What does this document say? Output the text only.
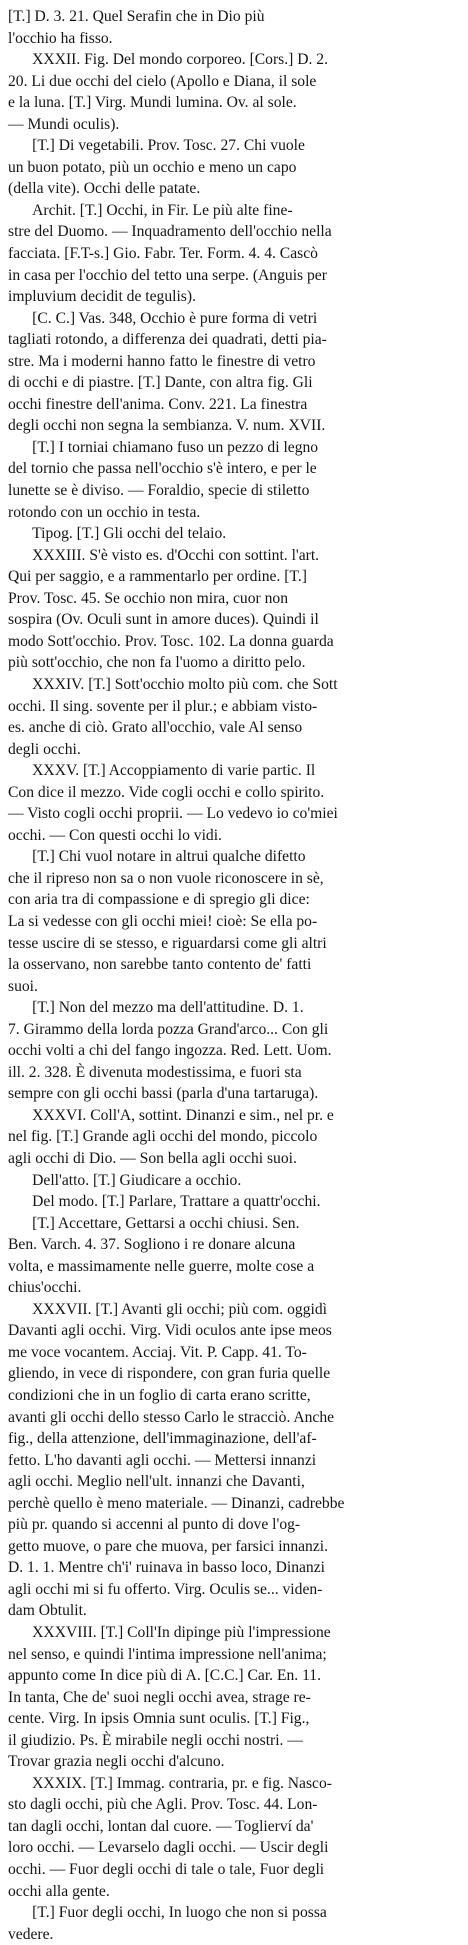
[T.] D. 3. 21. Quel Serafin che in Dio più
l'occhio ha fisso.

XXXII. Fig. Del mondo corporeo. [Cors.] D. 2.
20. Li due occhi del cielo (Apollo e Diana, il sole
e la luna. [T.] Virg. Mundi lumina. Ov. al sole.
— Mundi oculis).

[T.] Di vegetabili. Prov. Tosc. 27. Chi vuole
un buon potato, più un occhio e meno un capo
(della vite). Occhi delle patate.

Archit. [T.] Occhi, in Fir. Le più alte fine-
stre del Duomo. — Inquadramento dell'occhio nella
facciata. [F.T-s.] Gio. Fabr. Ter. Form. 4. 4. Cascò
in casa per l'occhio del tetto una serpe. (Anguis per
impluvium decidit de tegulis).

[C. C.] Vas. 348, Occhio è pure forma di vetri
tagliati rotondo, a differenza dei quadrati, detti pia-
stre. Ma i moderni hanno fatto le finestre di vetro
di occhi e di piastre. [T.] Dante, con altra fig. Gli
occhi finestre dell'anima. Conv. 221. La finestra
degli occhi non segna la sembianza. V. num. XVII.

[T.] I torniai chiamano fuso un pezzo di legno
del tornio che passa nell'occhio s'è intero, e per le
lunette se è diviso. — Foraldio, specie di stiletto
rotondo con un occhio in testa.

Tipog. [T.] Gli occhi del telaio.

XXXIII. S'è visto es. d'Occhi con sottint. l'art.
Qui per saggio, e a rammentarlo per ordine. [T.]
Prov. Tosc. 45. Se occhio non mira, cuor non
sospira (Ov. Oculi sunt in amore duces). Quindi il
modo Sott'occhio. Prov. Tosc. 102. La donna guarda
più sott'occhio, che non fa l'uomo a diritto pelo.

XXXIV. [T.] Sott'occhio molto più com. che Sott
occhi. Il sing. sovente per il plur.; e abbiam visto-
es. anche di ciò. Grato all'occhio, vale Al senso
degli occhi.

XXXV. [T.] Accoppiamento di varie partic. Il
Con dice il mezzo. Vide cogli occhi e collo spirito.
— Visto cogli occhi proprii. — Lo vedevo io co'miei
occhi. — Con questi occhi lo vidi.

[T.] Chi vuol notare in altrui qualche difetto
che il ripreso non sa o non vuole riconoscere in sè,
con aria tra di compassione e di spregio gli dice:
La si vedesse con gli occhi miei! cioè: Se ella po-
tesse uscire di se stesso, e riguardarsi come gli altri
la osservano, non sarebbe tanto contento de' fatti
suoi.

[T.] Non del mezzo ma dell'attitudine. D. 1.
7. Girammo della lorda pozza Grand'arco... Con gli
occhi volti a chi del fango ingozza. Red. Lett. Uom.
ill. 2. 328. È divenuta modestissima, e fuori sta
sempre con gli occhi bassi (parla d'una tartaruga).

XXXVI. Coll'A, sottint. Dinanzi e sim., nel pr. e
nel fig. [T.] Grande agli occhi del mondo, piccolo
agli occhi di Dio. — Son bella agli occhi suoi.

Dell'atto. [T.] Giudicare a occhio.

Del modo. [T.] Parlare, Trattare a quattr'occhi.

[T.] Accettare, Gettarsi a occhi chiusi. Sen.
Ben. Varch. 4. 37. Sogliono i re donare alcuna
volta, e massimamente nelle guerre, molte cose a
chius'occhi.

XXXVII. [T.] Avanti gli occhi; più com. oggidì
Davanti agli occhi. Virg. Vidi oculos ante ipse meos
me voce vocantem. Acciaj. Vit. P. Capp. 41. To-
gliendo, in vece di rispondere, con gran furia quelle
condizioni che in un foglio di carta erano scritte,
avanti gli occhi dello stesso Carlo le stracciò. Anche
fig., della attenzione, dell'immaginazione, dell'af-
fetto. L'ho davanti agli occhi. — Mettersi innanzi
agli occhi. Meglio nell'ult. innanzi che Davanti,
perchè quello è meno materiale. — Dinanzi, cadrebbe
più pr. quando si accenni al punto di dove l'og-
getto muove, o pare che muova, per farsici innanzi.
D. 1. 1. Mentre ch'i' ruinava in basso loco, Dinanzi
agli occhi mi si fu offerto. Virg. Oculis se... viden-
dam Obtulit.

XXXVIII. [T.] Coll'In dipinge più l'impressione
nel senso, e quindi l'intima impressione nell'anima;
appunto come In dice più di A. [C.C.] Car. En. 11.
In tanta, Che de' suoi negli occhi avea, strage re-
cente. Virg. In ipsis Omnia sunt oculis. [T.] Fig.,
il giudizio. Ps. È mirabile negli occhi nostri. —
Trovar grazia negli occhi d'alcuno.

XXXIX. [T.] Immag. contraria, pr. e fig. Nasco-
sto dagli occhi, più che Agli. Prov. Tosc. 44. Lon-
tan dagli occhi, lontan dal cuore. — Toglierví da'
loro occhi. — Levarselo dagli occhi. — Uscir degli
occhi. — Fuor degli occhi di tale o tale, Fuor degli
occhi alla gente.

[T.] Fuor degli occhi, In luogo che non si possa
vedere.
